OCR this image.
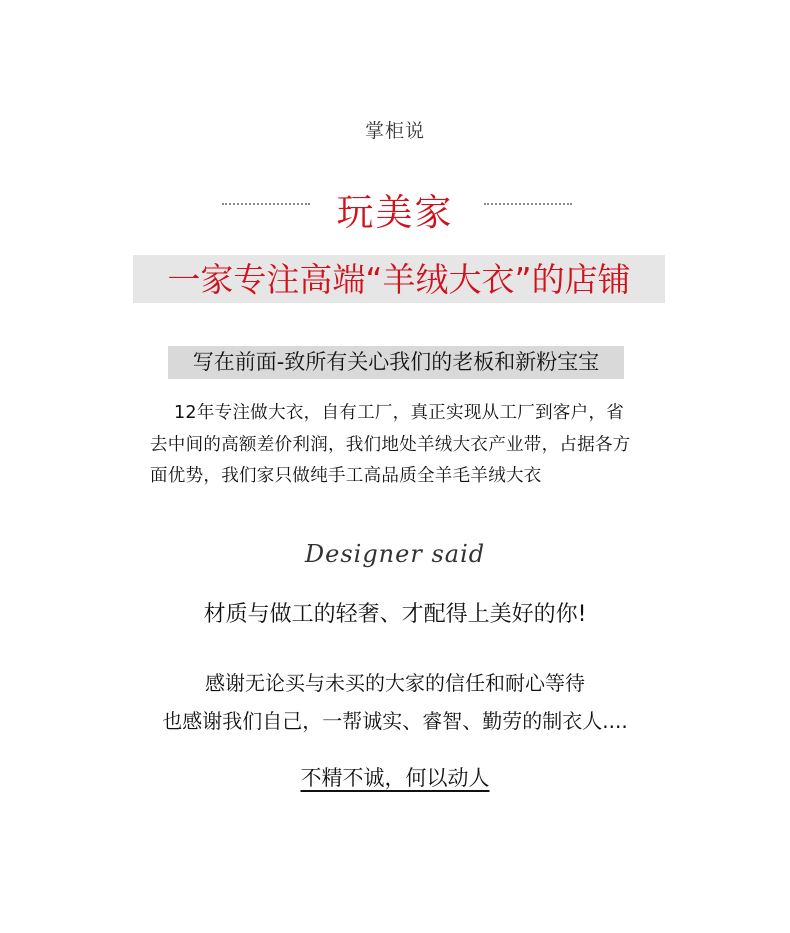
掌柜说
玩美家
一家专注高端“羊绒大衣”的店铺
写在前面-致所有关心我们的老板和新粉宝宝
12年专注做大衣，自有工厂，真正实现从工厂到客户，省去中间的高额差价利润，我们地处羊绒大衣产业带，占据各方面优势，我们家只做纯手工高品质全羊毛羊绒大衣
Designer said
材质与做工的轻奢、才配得上美好的你!
感谢无论买与未买的大家的信任和耐心等待
也感谢我们自己，一帮诚实、睿智、勤劳的制衣人....
不精不诚，何以动人
